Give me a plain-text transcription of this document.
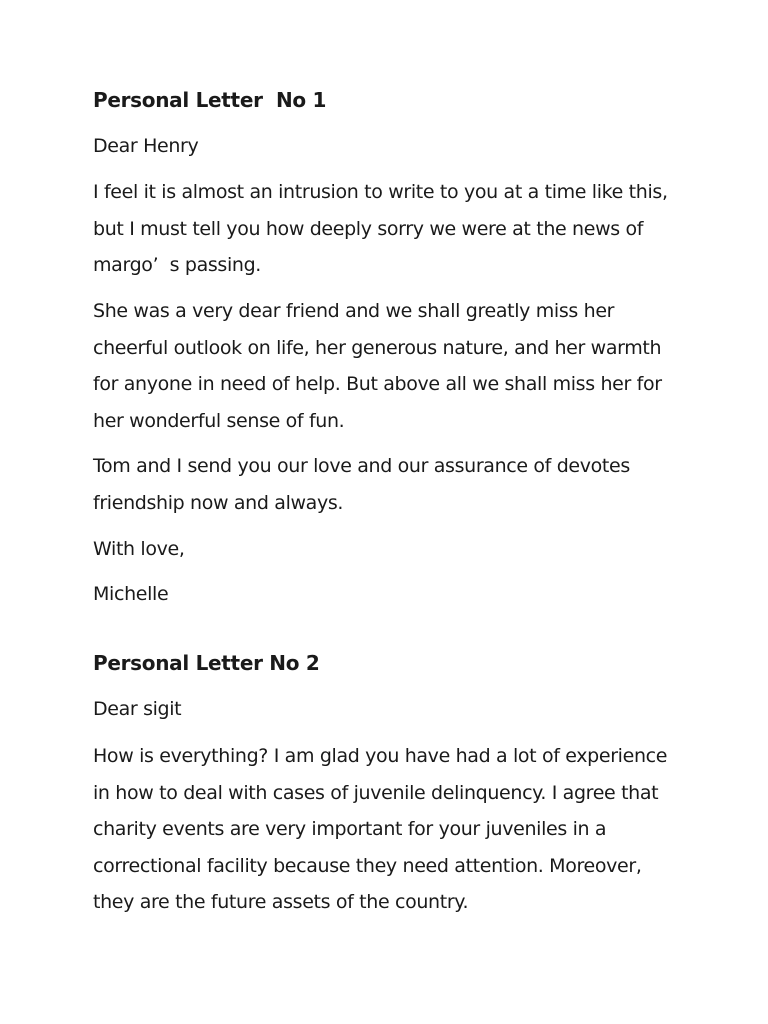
Personal Letter  No 1

Dear Henry

I feel it is almost an intrusion to write to you at a time like this,
but I must tell you how deeply sorry we were at the news of
margo’  s passing.

She was a very dear friend and we shall greatly miss her
cheerful outlook on life, her generous nature, and her warmth
for anyone in need of help. But above all we shall miss her for
her wonderful sense of fun.

Tom and I send you our love and our assurance of devotes
friendship now and always.

With love,

Michelle

Personal Letter No 2

Dear sigit

How is everything? I am glad you have had a lot of experience
in how to deal with cases of juvenile delinquency. I agree that
charity events are very important for your juveniles in a
correctional facility because they need attention. Moreover,
they are the future assets of the country.
